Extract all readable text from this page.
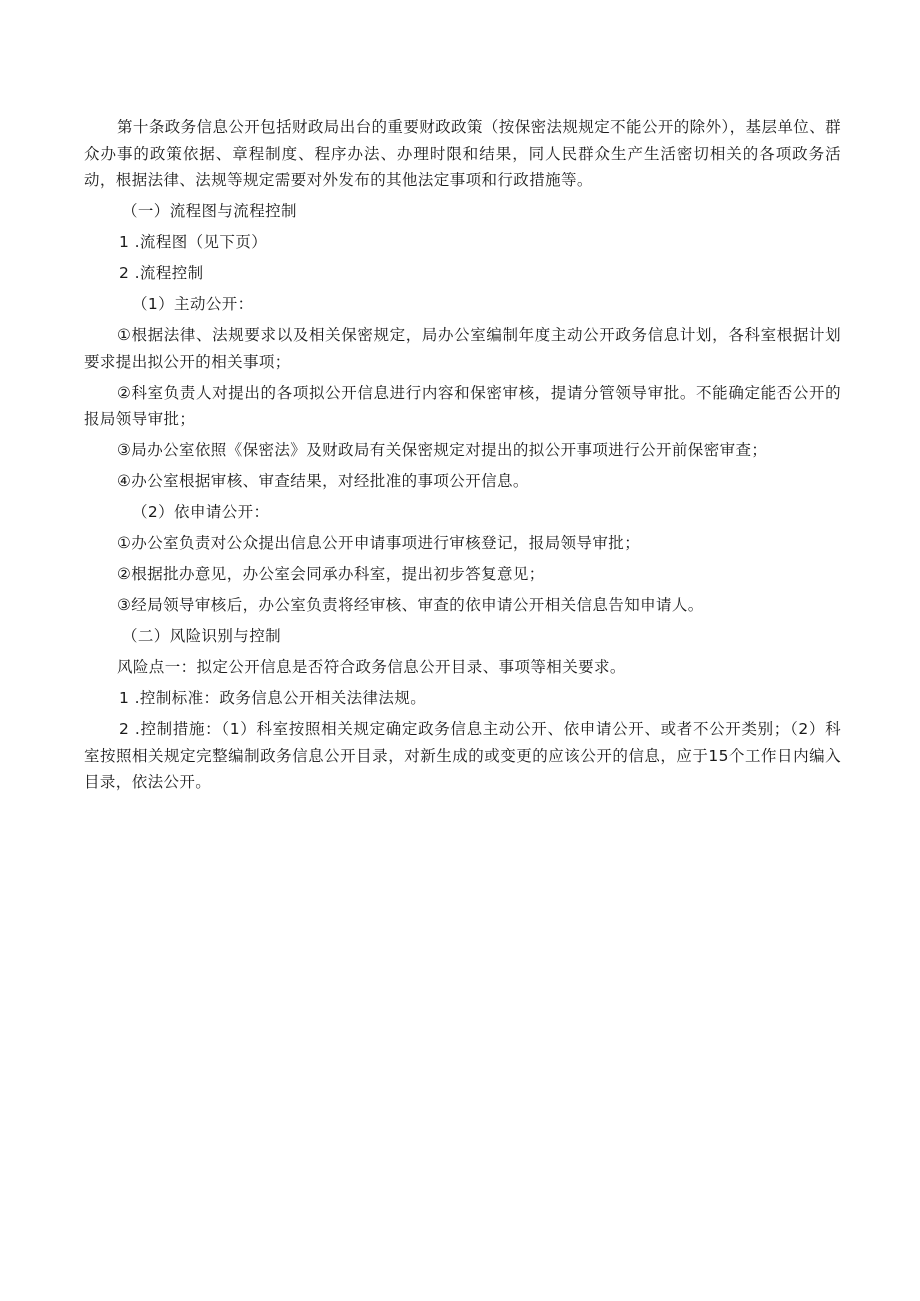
第十条政务信息公开包括财政局出台的重要财政政策（按保密法规规定不能公开的除外），基层单位、群众办事的政策依据、章程制度、程序办法、办理时限和结果，同人民群众生产生活密切相关的各项政务活动，根据法律、法规等规定需要对外发布的其他法定事项和行政措施等。

（一）流程图与流程控制

1 .流程图（见下页）

2 .流程控制

（1）主动公开：

①根据法律、法规要求以及相关保密规定，局办公室编制年度主动公开政务信息计划，各科室根据计划要求提出拟公开的相关事项；

②科室负责人对提出的各项拟公开信息进行内容和保密审核，提请分管领导审批。不能确定能否公开的报局领导审批；

③局办公室依照《保密法》及财政局有关保密规定对提出的拟公开事项进行公开前保密审查；

④办公室根据审核、审查结果，对经批准的事项公开信息。

（2）依申请公开：

①办公室负责对公众提出信息公开申请事项进行审核登记，报局领导审批；

②根据批办意见，办公室会同承办科室，提出初步答复意见；

③经局领导审核后，办公室负责将经审核、审查的依申请公开相关信息告知申请人。

（二）风险识别与控制

风险点一：拟定公开信息是否符合政务信息公开目录、事项等相关要求。

1 .控制标准：政务信息公开相关法律法规。

2 .控制措施：（1）科室按照相关规定确定政务信息主动公开、依申请公开、或者不公开类别；（2）科室按照相关规定完整编制政务信息公开目录，对新生成的或变更的应该公开的信息，应于15个工作日内编入目录，依法公开。
